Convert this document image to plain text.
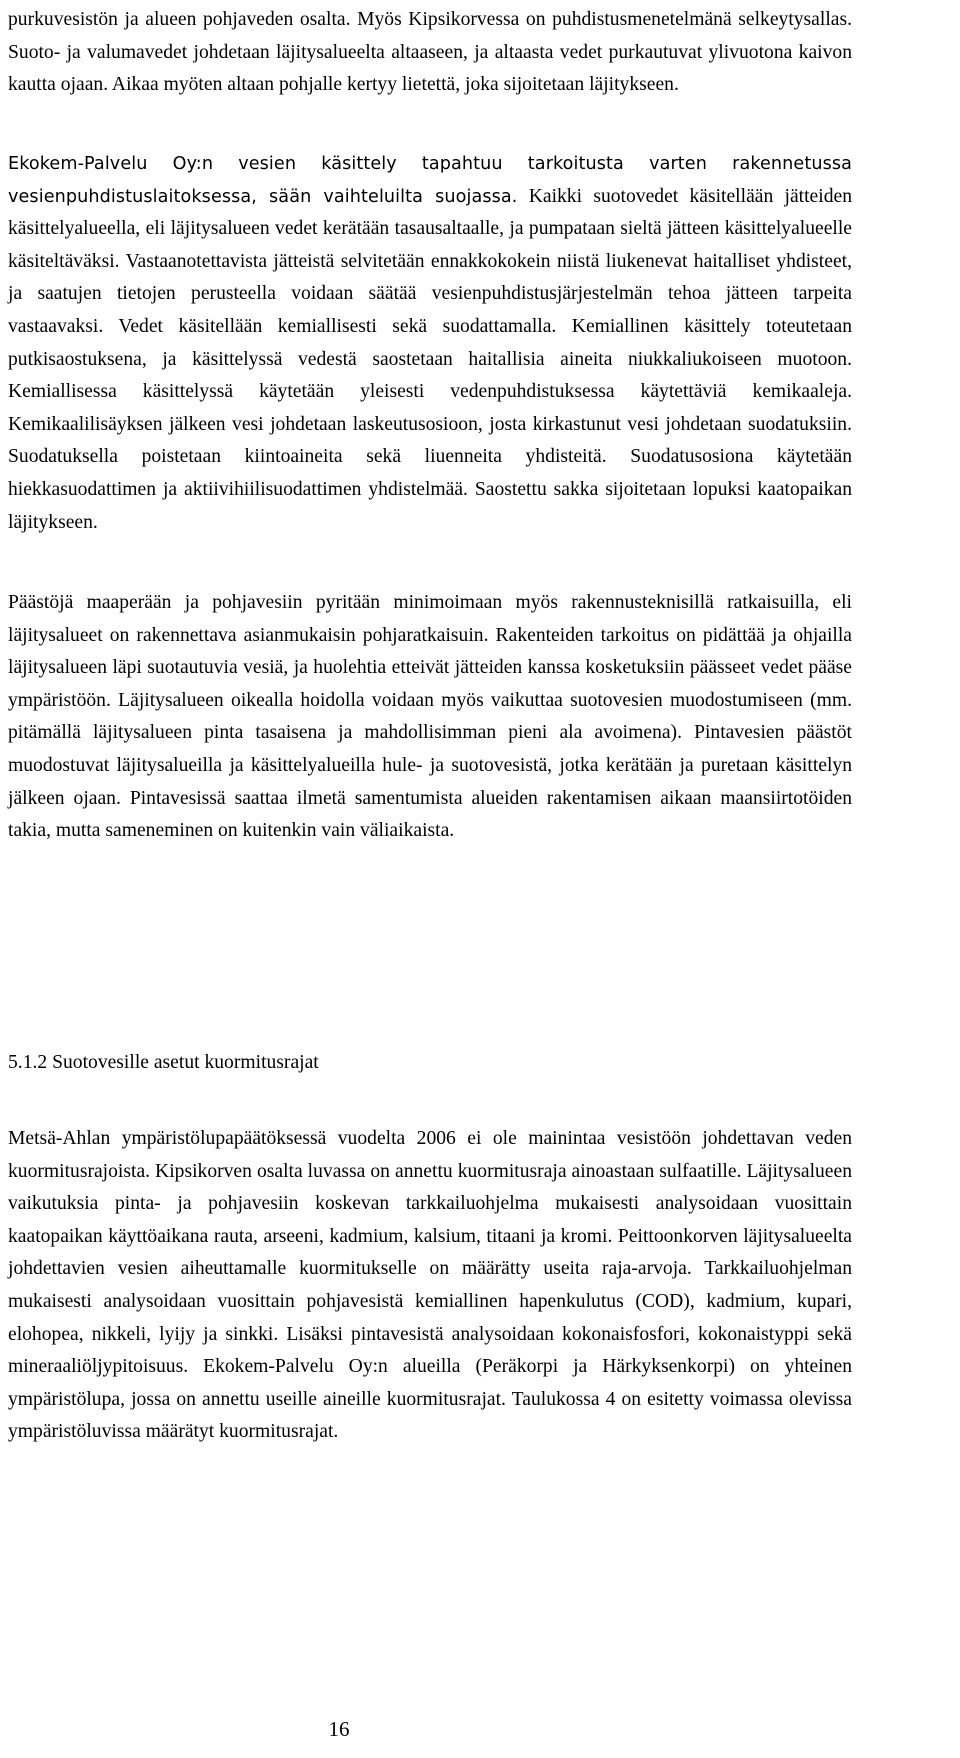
purkuvesistön ja alueen pohjaveden osalta. Myös Kipsikorvessa on puhdistusmenetelmänä selkeytysallas. Suoto- ja valumavedet johdetaan läjitysalueelta altaaseen, ja altaasta vedet purkautuvat ylivuotona kaivon kautta ojaan. Aikaa myöten altaan pohjalle kertyy lietettä, joka sijoitetaan läjitykseen.

Ekokem-Palvelu Oy:n vesien käsittely tapahtuu tarkoitusta varten rakennetussa vesienpuhdistuslaitoksessa, sään vaihteluilta suojassa. Kaikki suotovedet käsitellään jätteiden käsittelyalueella, eli läjitysalueen vedet kerätään tasausaltaalle, ja pumpataan sieltä jätteen käsittelyalueelle käsiteltäväksi. Vastaanotettavista jätteistä selvitetään ennakkokokein niistä liukenevat haitalliset yhdisteet, ja saatujen tietojen perusteella voidaan säätää vesienpuhdistusjärjestelmän tehoa jätteen tarpeita vastaavaksi. Vedet käsitellään kemiallisesti sekä suodattamalla. Kemiallinen käsittely toteutetaan putkisaostuksena, ja käsittelyssä vedestä saostetaan haitallisia aineita niukkaliukoiseen muotoon. Kemiallisessa käsittelyssä käytetään yleisesti vedenpuhdistuksessa käytettäviä kemikaaleja. Kemikaalilisäyksen jälkeen vesi johdetaan laskeutusosioon, josta kirkastunut vesi johdetaan suodatuksiin. Suodatuksella poistetaan kiintoaineita sekä liuenneita yhdisteitä. Suodatusosiona käytetään hiekkasuodattimen ja aktiivihiilisuodattimen yhdistelmää. Saostettu sakka sijoitetaan lopuksi kaatopaikan läjitykseen.

Päästöjä maaperään ja pohjavesiin pyritään minimoimaan myös rakennusteknisillä ratkaisuilla, eli läjitysalueet on rakennettava asianmukaisin pohjaratkaisuin. Rakenteiden tarkoitus on pidättää ja ohjailla läjitysalueen läpi suotautuvia vesiä, ja huolehtia etteivät jätteiden kanssa kosketuksiin päässeet vedet pääse ympäristöön. Läjitysalueen oikealla hoidolla voidaan myös vaikuttaa suotovesien muodostumiseen (mm. pitämällä läjitysalueen pinta tasaisena ja mahdollisimman pieni ala avoimena). Pintavesien päästöt muodostuvat läjitysalueilla ja käsittelyalueilla hule- ja suotovesistä, jotka kerätään ja puretaan käsittelyn jälkeen ojaan. Pintavesissä saattaa ilmetä samentumista alueiden rakentamisen aikaan maansiirtotöiden takia, mutta sameneminen on kuitenkin vain väliaikaista.

5.1.2 Suotovesille asetut kuormitusrajat

Metsä-Ahlan ympäristölupapäätöksessä vuodelta 2006 ei ole mainintaa vesistöön johdettavan veden kuormitusrajoista. Kipsikorven osalta luvassa on annettu kuormitusraja ainoastaan sulfaatille. Läjitysalueen vaikutuksia pinta- ja pohjavesiin koskevan tarkkailuohjelma mukaisesti analysoidaan vuosittain kaatopaikan käyttöaikana rauta, arseeni, kadmium, kalsium, titaani ja kromi. Peittoonkorven läjitysalueelta johdettavien vesien aiheuttamalle kuormitukselle on määrätty useita raja-arvoja. Tarkkailuohjelman mukaisesti analysoidaan vuosittain pohjavesistä kemiallinen hapenkulutus (COD), kadmium, kupari, elohopea, nikkeli, lyijy ja sinkki. Lisäksi pintavesistä analysoidaan kokonaisfosfori, kokonaistyppi sekä mineraaliöljypitoisuus. Ekokem-Palvelu Oy:n alueilla (Peräkorpi ja Härkyksenkorpi) on yhteinen ympäristölupa, jossa on annettu useille aineille kuormitusrajat. Taulukossa 4 on esitetty voimassa olevissa ympäristöluvissa määrätyt kuormitusrajat.

16
